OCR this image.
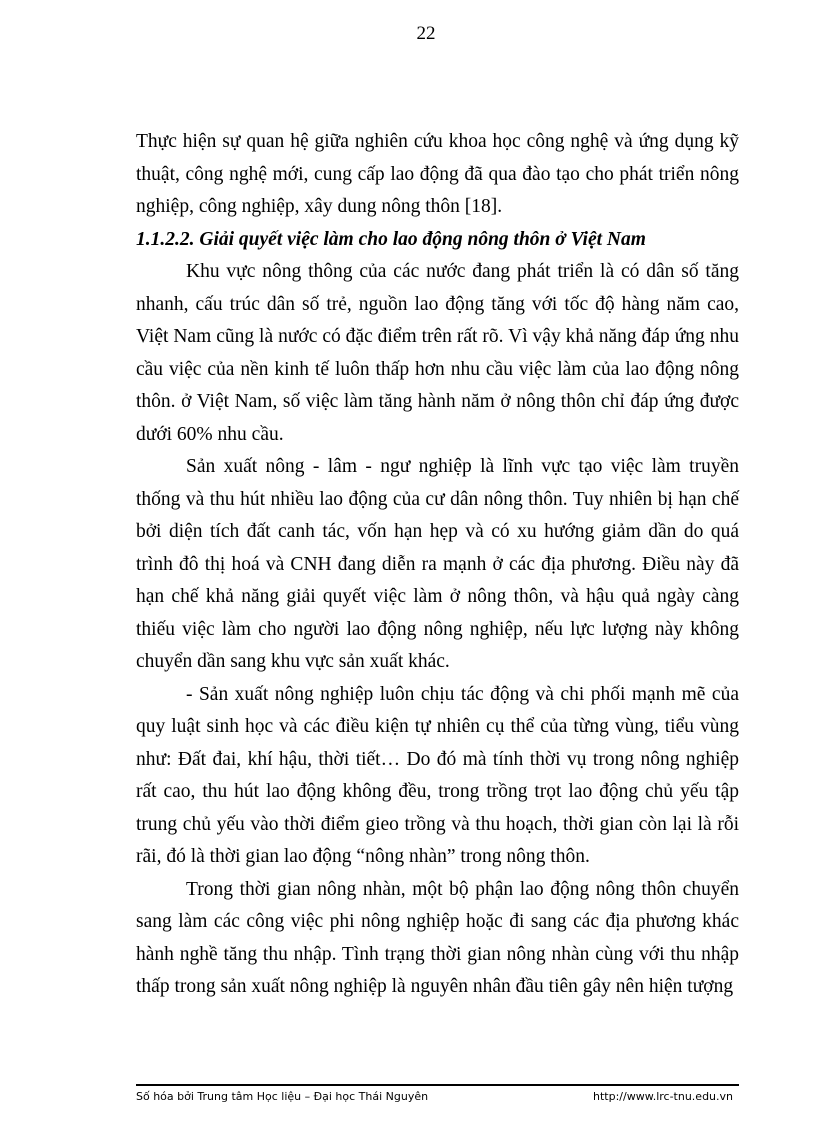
22

Thực hiện sự quan hệ giữa nghiên cứu khoa học công nghệ và ứng dụng kỹ thuật, công nghệ mới, cung cấp lao động đã qua đào tạo cho phát triển nông nghiệp, công nghiệp, xây dung nông thôn [18].

1.1.2.2. Giải quyết việc làm cho lao động nông thôn ở Việt Nam

Khu vực nông thông của các nước đang phát triển là có dân số tăng nhanh, cấu trúc dân số trẻ, nguồn lao động tăng với tốc độ hàng năm cao, Việt Nam cũng là nước có đặc điểm trên rất rõ. Vì vậy khả năng đáp ứng nhu cầu việc của nền kinh tế luôn thấp hơn nhu cầu việc làm của lao động nông thôn. ở Việt Nam, số việc làm tăng hành năm ở nông thôn chỉ đáp ứng được dưới 60% nhu cầu.

Sản xuất nông - lâm - ngư nghiệp là lĩnh vực tạo việc làm truyền thống và thu hút nhiều lao động của cư dân nông thôn. Tuy nhiên bị hạn chế bởi diện tích đất canh tác, vốn hạn hẹp và có xu hướng giảm dần do quá trình đô thị hoá và CNH đang diễn ra mạnh ở các địa phương. Điều này đã hạn chế khả năng giải quyết việc làm ở nông thôn, và hậu quả ngày càng thiếu việc làm cho người lao động nông nghiệp, nếu lực lượng này không chuyển dần sang khu vực sản xuất khác.

- Sản xuất nông nghiệp luôn chịu tác động và chi phối mạnh mẽ của quy luật sinh học và các điều kiện tự nhiên cụ thể của từng vùng, tiểu vùng như: Đất đai, khí hậu, thời tiết… Do đó mà tính thời vụ trong nông nghiệp rất cao, thu hút lao động không đều, trong trồng trọt lao động chủ yếu tập trung chủ yếu vào thời điểm gieo trồng và thu hoạch, thời gian còn lại là rỗi rãi, đó là thời gian lao động “nông nhàn” trong nông thôn.

Trong thời gian nông nhàn, một bộ phận lao động nông thôn chuyển sang làm các công việc phi nông nghiệp hoặc đi sang các địa phương khác hành nghề tăng thu nhập. Tình trạng thời gian nông nhàn cùng với thu nhập thấp trong sản xuất nông nghiệp là nguyên nhân đầu tiên gây nên hiện tượng

Số hóa bởi Trung tâm Học liệu – Đại học Thái Nguyên	http://www.lrc-tnu.edu.vn
